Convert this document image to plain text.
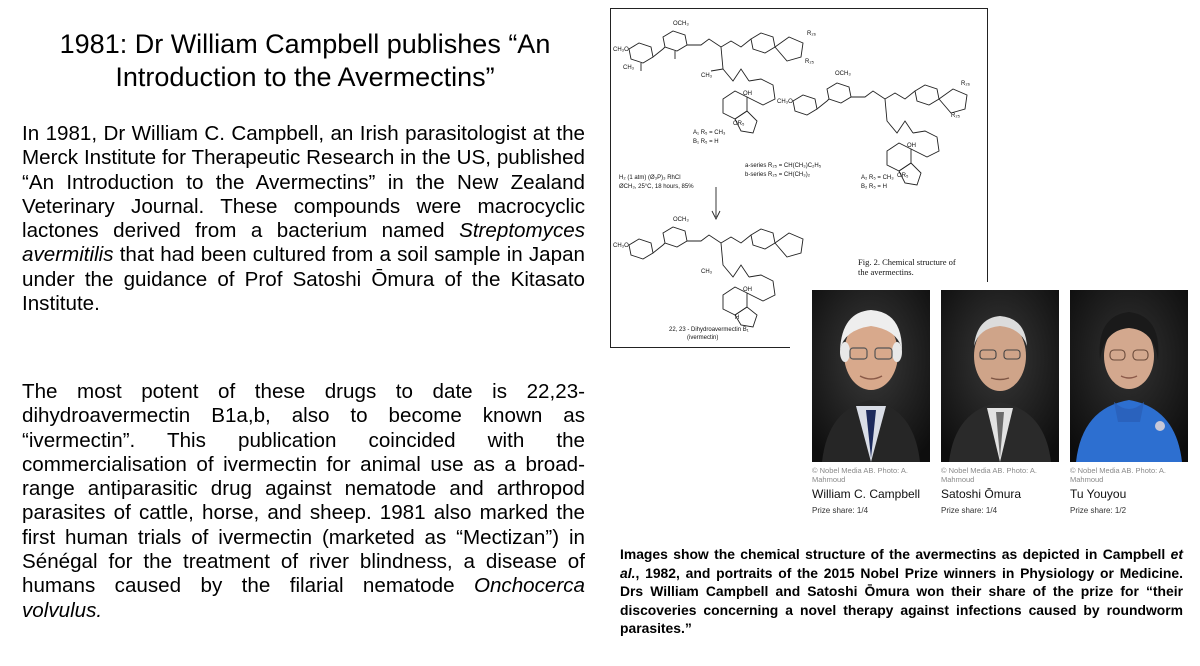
1981: Dr William Campbell publishes “An Introduction to the Avermectins”
In 1981, Dr William C. Campbell, an Irish parasitologist at the Merck Institute for Therapeutic Research in the US, published “An Introduction to the Avermectins” in the New Zealand Veterinary Journal. These compounds were macrocyclic lactones derived from a bacterium named Streptomyces avermitilis that had been cultured from a soil sample in Japan under the guidance of Prof Satoshi Ōmura of the Kitasato Institute.
The most potent of these drugs to date is 22,23-dihydroavermectin B1a,b, also to become known as “ivermectin”. This publication coincided with the commercialisation of ivermectin for animal use as a broad-range antiparasitic drug against nematode and arthropod parasites of cattle, horse, and sheep. 1981 also marked the first human trials of ivermectin (marketed as “Mectizan”) in Sénégal for the treatment of river blindness, a disease of humans caused by the filarial nematode Onchocerca volvulus.
OCH₃
CH₃O
CH₃
R₂₆
R₂₅
CH₃
OH
OR₅
OCH₃
CH₃O
R₂₆
R₂₅
OH
OR₅
OCH₃
CH₃O
CH₃
OH
H
A₁ R₅ = CH₃
B₁ R₅ = H
a-series R₂₅ = CH(CH₃)C₂H₅
b-series R₂₅ = CH(CH₃)₂	A₂ R₅ = CH₃
B₂ R₅ = H
H₂ (1 atm) (Ø₃P)₃ RhCl
ØCH₃, 25°C, 18 hours, 85%
22, 23 - Dihydroavermectin B₁
(ivermectin)
Fig. 2. Chemical structure of
the avermectins.
© Nobel Media AB. Photo: A. Mahmoud
William C. Campbell
Prize share: 1/4
© Nobel Media AB. Photo: A. Mahmoud
Satoshi Ōmura
Prize share: 1/4
© Nobel Media AB. Photo: A. Mahmoud
Tu Youyou
Prize share: 1/2
Images show the chemical structure of the avermectins as depicted in Campbell et al., 1982, and portraits of the 2015 Nobel Prize winners in Physiology or Medicine. Drs William Campbell and Satoshi Ōmura won their share of the prize for “their discoveries concerning a novel therapy against infections caused by roundworm parasites.”
